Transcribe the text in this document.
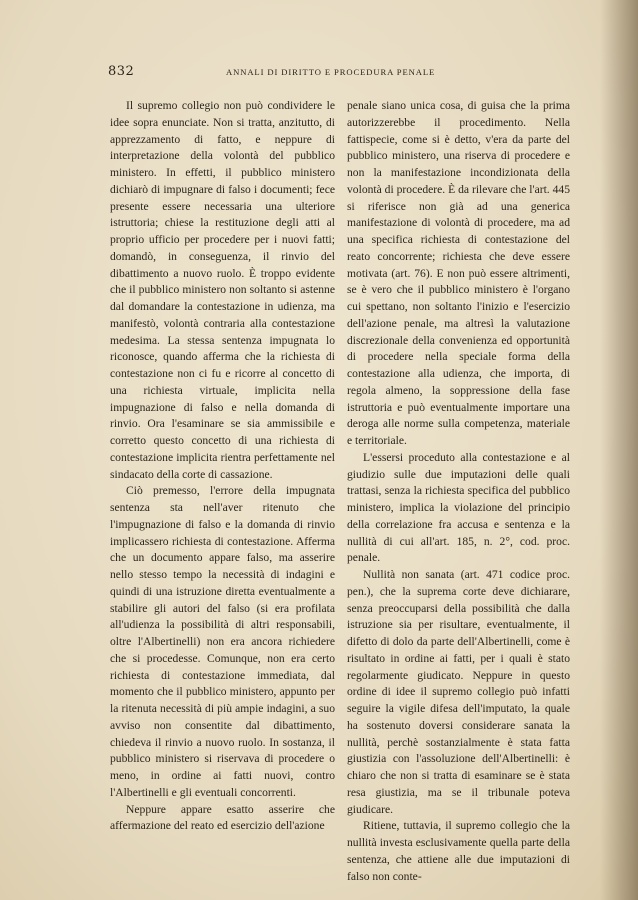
832	ANNALI DI DIRITTO E PROCEDURA PENALE

Il supremo collegio non può condividere le idee sopra enunciate. Non si tratta, anzitutto, di apprezzamento di fatto, e neppure di interpretazione della volontà del pubblico ministero. In effetti, il pubblico ministero dichiarò di impugnare di falso i documenti; fece presente essere necessaria una ulteriore istruttoria; chiese la restituzione degli atti al proprio ufficio per procedere per i nuovi fatti; domandò, in conseguenza, il rinvio del dibattimento a nuovo ruolo. È troppo evidente che il pubblico ministero non soltanto si astenne dal domandare la contestazione in udienza, ma manifestò, volontà contraria alla contestazione medesima. La stessa sentenza impugnata lo riconosce, quando afferma che la richiesta di contestazione non ci fu e ricorre al concetto di una richiesta virtuale, implicita nella impugnazione di falso e nella domanda di rinvio. Ora l'esaminare se sia ammissibile e corretto questo concetto di una richiesta di contestazione implicita rientra perfettamente nel sindacato della corte di cassazione.

Ciò premesso, l'errore della impugnata sentenza sta nell'aver ritenuto che l'impugnazione di falso e la domanda di rinvio implicassero richiesta di contestazione. Afferma che un documento appare falso, ma asserire nello stesso tempo la necessità di indagini e quindi di una istruzione diretta eventualmente a stabilire gli autori del falso (si era profilata all'udienza la possibilità di altri responsabili, oltre l'Albertinelli) non era ancora richiedere che si procedesse. Comunque, non era certo richiesta di contestazione immediata, dal momento che il pubblico ministero, appunto per la ritenuta necessità di più ampie indagini, a suo avviso non consentite dal dibattimento, chiedeva il rinvio a nuovo ruolo. In sostanza, il pubblico ministero si riservava di procedere o meno, in ordine ai fatti nuovi, contro l'Albertinelli e gli eventuali concorrenti.

Neppure appare esatto asserire che affermazione del reato ed esercizio dell'azione

penale siano unica cosa, di guisa che la prima autorizzerebbe il procedimento. Nella fattispecie, come si è detto, v'era da parte del pubblico ministero, una riserva di procedere e non la manifestazione incondizionata della volontà di procedere. È da rilevare che l'art. 445 si riferisce non già ad una generica manifestazione di volontà di procedere, ma ad una specifica richiesta di contestazione del reato concorrente; richiesta che deve essere motivata (art. 76). E non può essere altrimenti, se è vero che il pubblico ministero è l'organo cui spettano, non soltanto l'inizio e l'esercizio dell'azione penale, ma altresì la valutazione discrezionale della convenienza ed opportunità di procedere nella speciale forma della contestazione alla udienza, che importa, di regola almeno, la soppressione della fase istruttoria e può eventualmente importare una deroga alle norme sulla competenza, materiale e territoriale.

L'essersi proceduto alla contestazione e al giudizio sulle due imputazioni delle quali trattasi, senza la richiesta specifica del pubblico ministero, implica la violazione del principio della correlazione fra accusa e sentenza e la nullità di cui all'art. 185, n. 2°, cod. proc. penale.

Nullità non sanata (art. 471 codice proc. pen.), che la suprema corte deve dichiarare, senza preoccuparsi della possibilità che dalla istruzione sia per risultare, eventualmente, il difetto di dolo da parte dell'Albertinelli, come è risultato in ordine ai fatti, per i quali è stato regolarmente giudicato. Neppure in questo ordine di idee il supremo collegio può infatti seguire la vigile difesa dell'imputato, la quale ha sostenuto doversi considerare sanata la nullità, perchè sostanzialmente è stata fatta giustizia con l'assoluzione dell'Albertinelli: è chiaro che non si tratta di esaminare se è stata resa giustizia, ma se il tribunale poteva giudicare.

Ritiene, tuttavia, il supremo collegio che la nullità investa esclusivamente quella parte della sentenza, che attiene alle due imputazioni di falso non conte-
